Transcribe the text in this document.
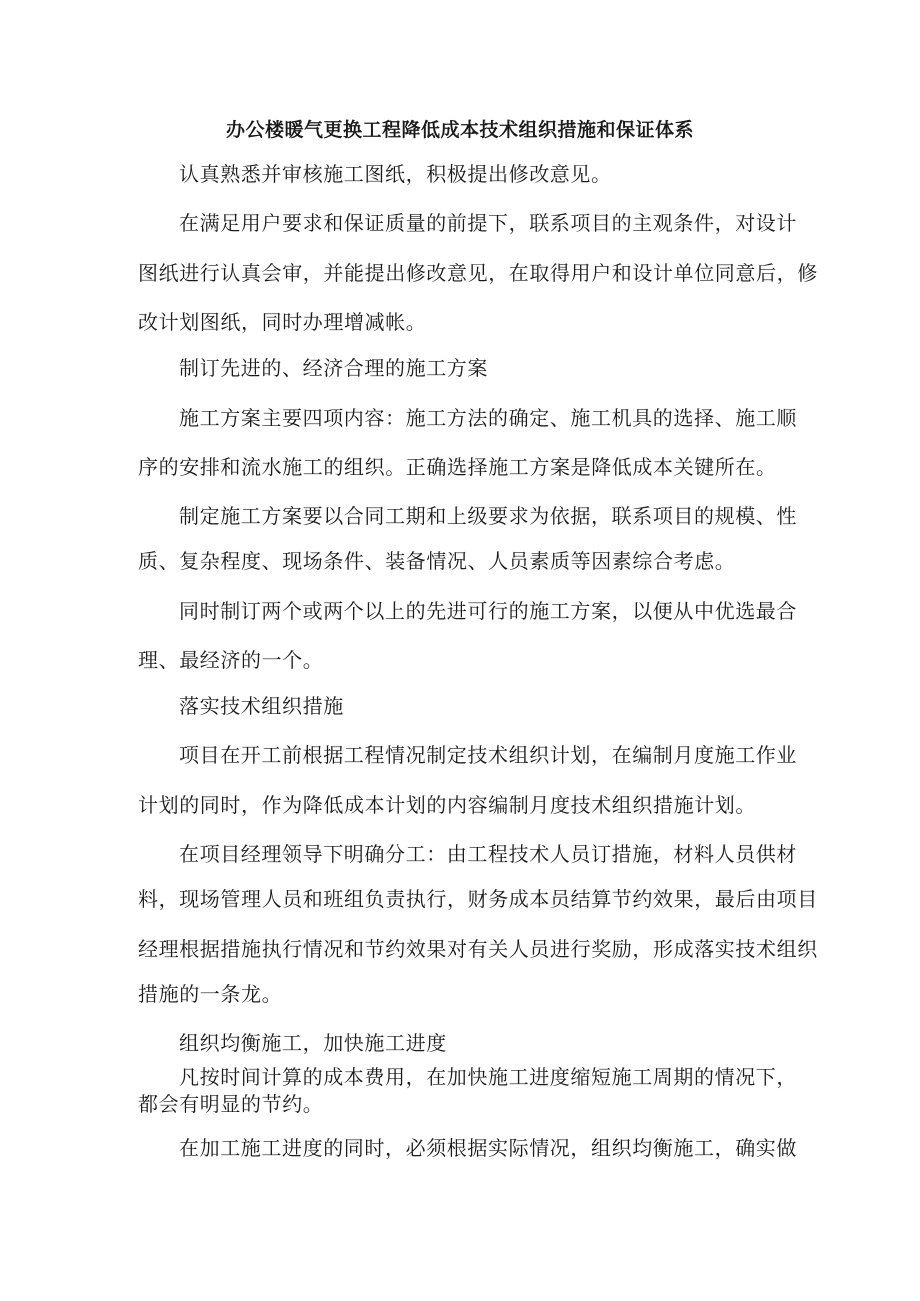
办公楼暖气更换工程降低成本技术组织措施和保证体系

认真熟悉并审核施工图纸，积极提出修改意见。

在满足用户要求和保证质量的前提下，联系项目的主观条件，对设计

图纸进行认真会审，并能提出修改意见，在取得用户和设计单位同意后，修

改计划图纸，同时办理增减帐。

制订先进的、经济合理的施工方案

施工方案主要四项内容：施工方法的确定、施工机具的选择、施工顺

序的安排和流水施工的组织。正确选择施工方案是降低成本关键所在。

制定施工方案要以合同工期和上级要求为依据，联系项目的规模、性

质、复杂程度、现场条件、装备情况、人员素质等因素综合考虑。

同时制订两个或两个以上的先进可行的施工方案，以便从中优选最合

理、最经济的一个。

落实技术组织措施

项目在开工前根据工程情况制定技术组织计划，在编制月度施工作业

计划的同时，作为降低成本计划的内容编制月度技术组织措施计划。

在项目经理领导下明确分工：由工程技术人员订措施，材料人员供材

料，现场管理人员和班组负责执行，财务成本员结算节约效果，最后由项目

经理根据措施执行情况和节约效果对有关人员进行奖励，形成落实技术组织

措施的一条龙。

组织均衡施工，加快施工进度

凡按时间计算的成本费用，在加快施工进度缩短施工周期的情况下，

都会有明显的节约。

在加工施工进度的同时，必须根据实际情况，组织均衡施工，确实做
